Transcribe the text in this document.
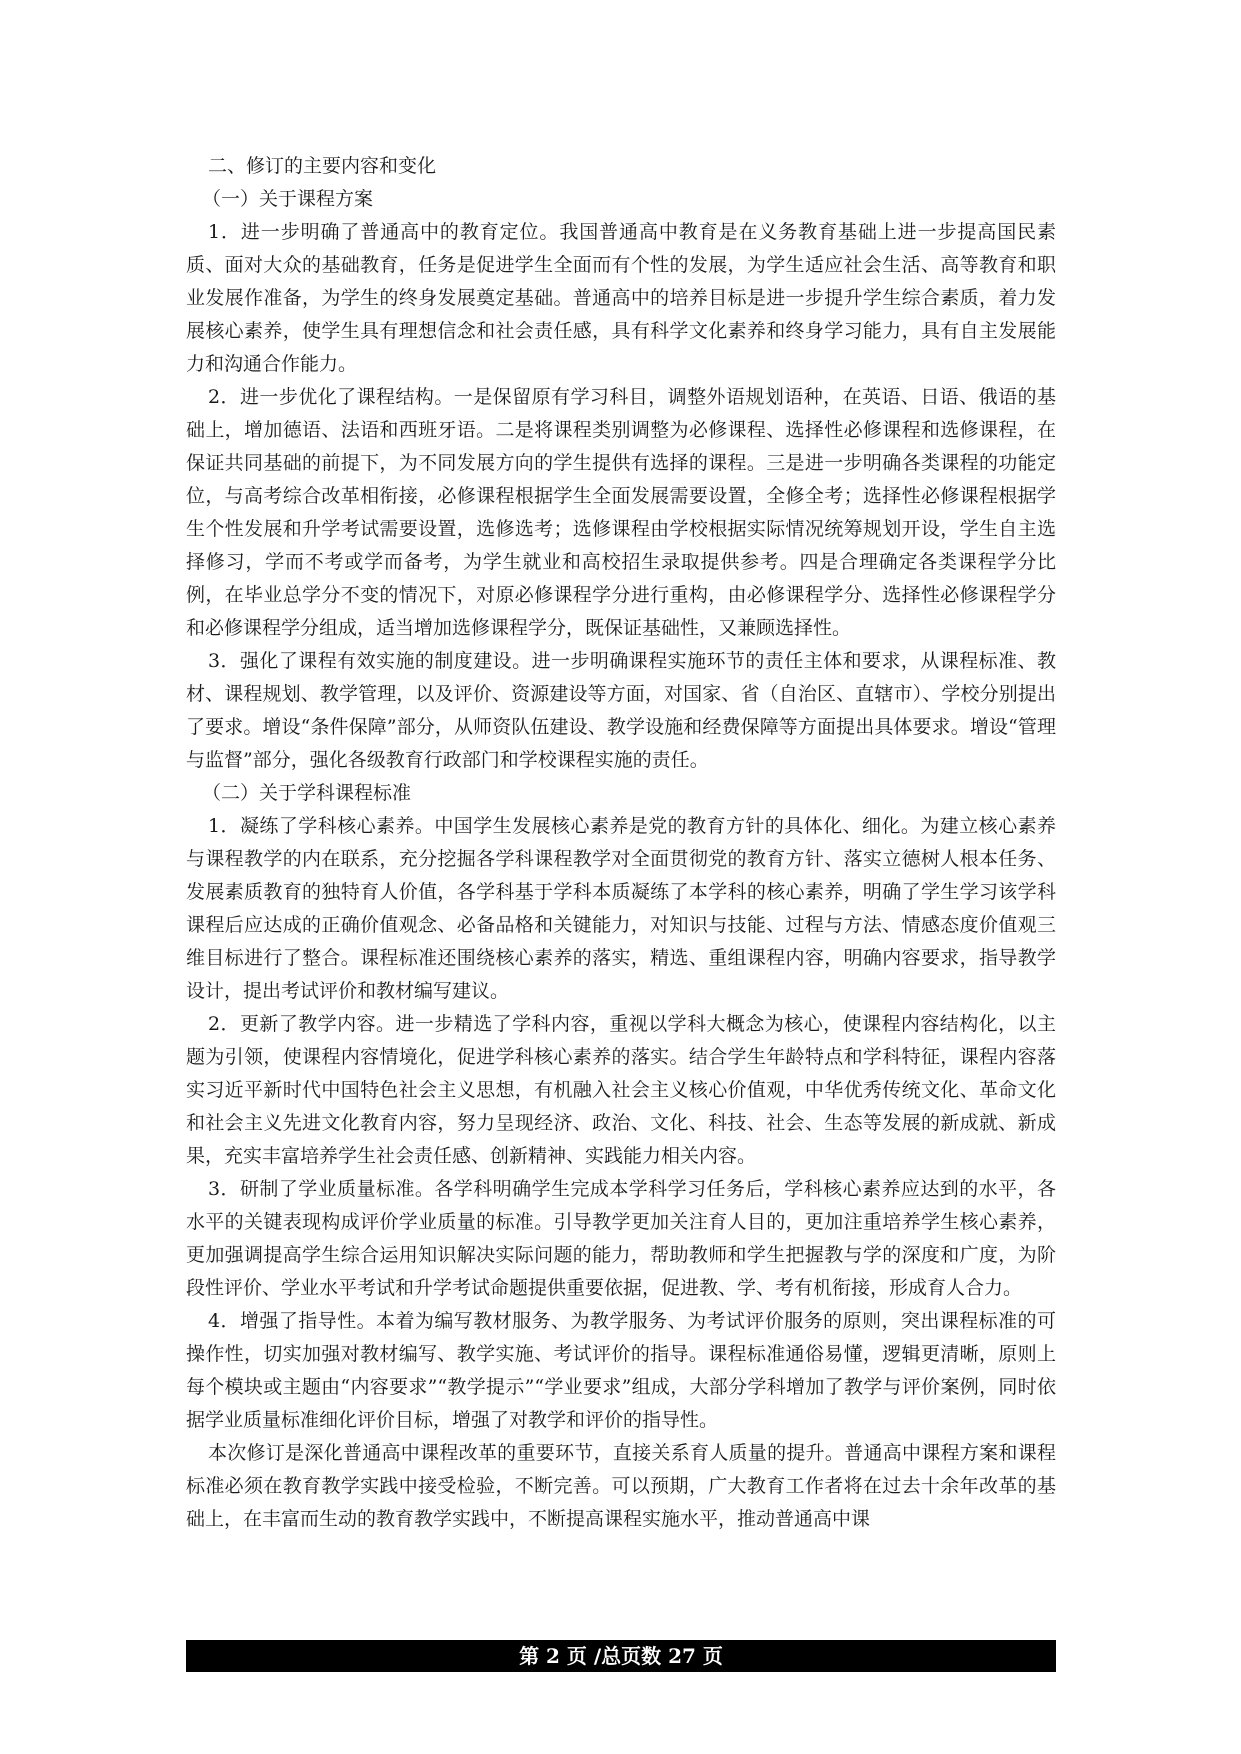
二、修订的主要内容和变化

（一）关于课程方案

1．进一步明确了普通高中的教育定位。我国普通高中教育是在义务教育基础上进一步提高国民素质、面对大众的基础教育，任务是促进学生全面而有个性的发展，为学生适应社会生活、高等教育和职业发展作准备，为学生的终身发展奠定基础。普通高中的培养目标是进一步提升学生综合素质，着力发展核心素养，使学生具有理想信念和社会责任感，具有科学文化素养和终身学习能力，具有自主发展能力和沟通合作能力。

2．进一步优化了课程结构。一是保留原有学习科目，调整外语规划语种，在英语、日语、俄语的基础上，增加德语、法语和西班牙语。二是将课程类别调整为必修课程、选择性必修课程和选修课程，在保证共同基础的前提下，为不同发展方向的学生提供有选择的课程。三是进一步明确各类课程的功能定位，与高考综合改革相衔接，必修课程根据学生全面发展需要设置，全修全考；选择性必修课程根据学生个性发展和升学考试需要设置，选修选考；选修课程由学校根据实际情况统筹规划开设，学生自主选择修习，学而不考或学而备考，为学生就业和高校招生录取提供参考。四是合理确定各类课程学分比例，在毕业总学分不变的情况下，对原必修课程学分进行重构，由必修课程学分、选择性必修课程学分和必修课程学分组成，适当增加选修课程学分，既保证基础性，又兼顾选择性。

3．强化了课程有效实施的制度建设。进一步明确课程实施环节的责任主体和要求，从课程标准、教材、课程规划、教学管理，以及评价、资源建设等方面，对国家、省（自治区、直辖市）、学校分别提出了要求。增设“条件保障”部分，从师资队伍建设、教学设施和经费保障等方面提出具体要求。增设“管理与监督”部分，强化各级教育行政部门和学校课程实施的责任。

（二）关于学科课程标准

1．凝练了学科核心素养。中国学生发展核心素养是党的教育方针的具体化、细化。为建立核心素养与课程教学的内在联系，充分挖掘各学科课程教学对全面贯彻党的教育方针、落实立德树人根本任务、发展素质教育的独特育人价值，各学科基于学科本质凝练了本学科的核心素养，明确了学生学习该学科课程后应达成的正确价值观念、必备品格和关键能力，对知识与技能、过程与方法、情感态度价值观三维目标进行了整合。课程标准还围绕核心素养的落实，精选、重组课程内容，明确内容要求，指导教学设计，提出考试评价和教材编写建议。

2．更新了教学内容。进一步精选了学科内容，重视以学科大概念为核心，使课程内容结构化，以主题为引领，使课程内容情境化，促进学科核心素养的落实。结合学生年龄特点和学科特征，课程内容落实习近平新时代中国特色社会主义思想，有机融入社会主义核心价值观，中华优秀传统文化、革命文化和社会主义先进文化教育内容，努力呈现经济、政治、文化、科技、社会、生态等发展的新成就、新成果，充实丰富培养学生社会责任感、创新精神、实践能力相关内容。

3．研制了学业质量标准。各学科明确学生完成本学科学习任务后，学科核心素养应达到的水平，各水平的关键表现构成评价学业质量的标准。引导教学更加关注育人目的，更加注重培养学生核心素养，更加强调提高学生综合运用知识解决实际问题的能力，帮助教师和学生把握教与学的深度和广度，为阶段性评价、学业水平考试和升学考试命题提供重要依据，促进教、学、考有机衔接，形成育人合力。

4．增强了指导性。本着为编写教材服务、为教学服务、为考试评价服务的原则，突出课程标准的可操作性，切实加强对教材编写、教学实施、考试评价的指导。课程标准通俗易懂，逻辑更清晰，原则上每个模块或主题由“内容要求”“教学提示”“学业要求”组成，大部分学科增加了教学与评价案例，同时依据学业质量标准细化评价目标，增强了对教学和评价的指导性。

本次修订是深化普通高中课程改革的重要环节，直接关系育人质量的提升。普通高中课程方案和课程标准必须在教育教学实践中接受检验，不断完善。可以预期，广大教育工作者将在过去十余年改革的基础上，在丰富而生动的教育教学实践中，不断提高课程实施水平，推动普通高中课

第 2 页 /总页数 27 页
